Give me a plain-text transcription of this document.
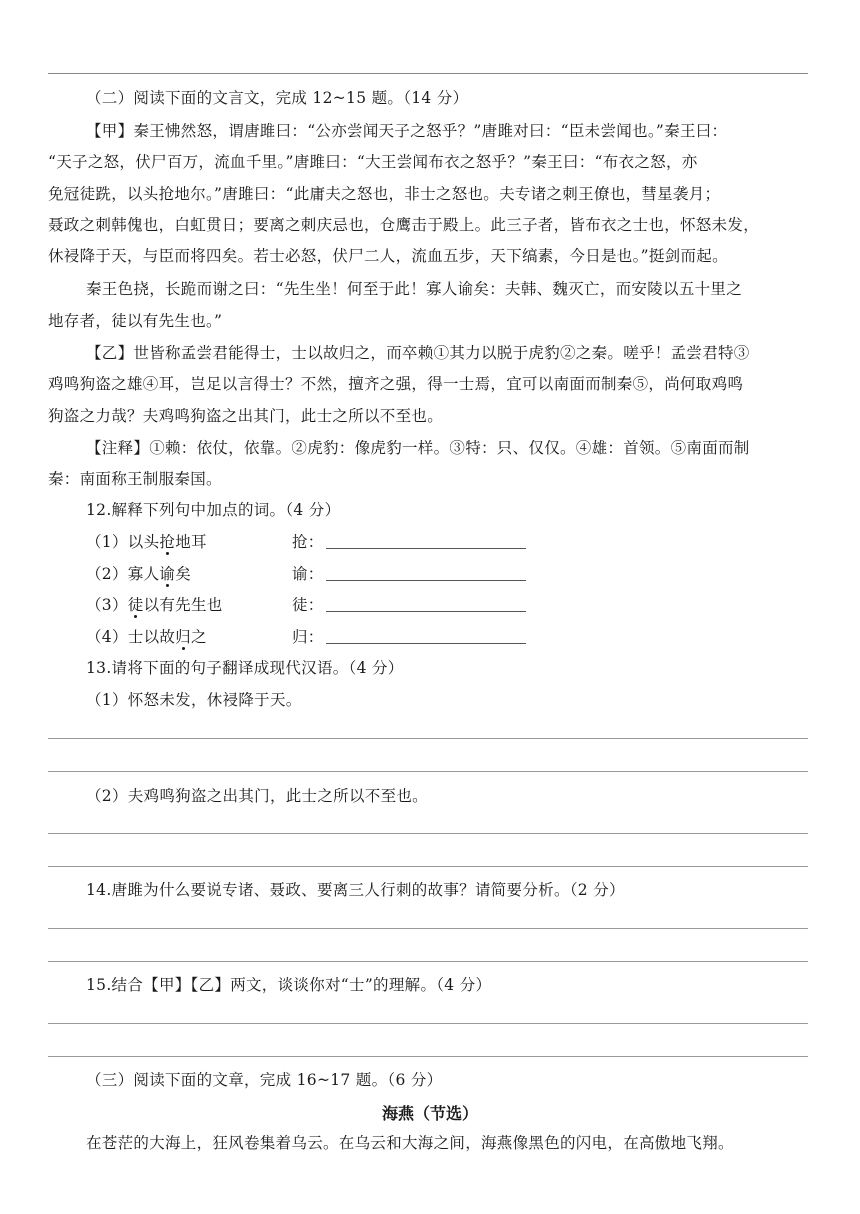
（二）阅读下面的文言文，完成 12~15 题。（14 分）
【甲】秦王怫然怒，谓唐雎曰：“公亦尝闻天子之怒乎？”唐雎对曰：“臣未尝闻也。”秦王曰：
“天子之怒，伏尸百万，流血千里。”唐雎曰：“大王尝闻布衣之怒乎？”秦王曰：“布衣之怒，亦
免冠徒跣，以头抢地尔。”唐雎曰：“此庸夫之怒也，非士之怒也。夫专诸之刺王僚也，彗星袭月；
聂政之刺韩傀也，白虹贯日；要离之刺庆忌也，仓鹰击于殿上。此三子者，皆布衣之士也，怀怒未发，
休祲降于天，与臣而将四矣。若士必怒，伏尸二人，流血五步，天下缟素，今日是也。”挺剑而起。
秦王色挠，长跪而谢之曰：“先生坐！何至于此！寡人谕矣：夫韩、魏灭亡，而安陵以五十里之
地存者，徒以有先生也。”
【乙】世皆称孟尝君能得士，士以故归之，而卒赖①其力以脱于虎豹②之秦。嗟乎！孟尝君特③
鸡鸣狗盗之雄④耳，岂足以言得士？不然，擅齐之强，得一士焉，宜可以南面而制秦⑤，尚何取鸡鸣
狗盗之力哉？夫鸡鸣狗盗之出其门，此士之所以不至也。
【注释】①赖：依仗，依靠。②虎豹：像虎豹一样。③特：只、仅仅。④雄：首领。⑤南面而制
秦：南面称王制服秦国。
12.解释下列句中加点的词。（4 分）
（1）以头抢地耳	抢：
（2）寡人谕矣	谕：
（3）徒以有先生也	徒：
（4）士以故归之	归：
13.请将下面的句子翻译成现代汉语。（4 分）
（1）怀怒未发，休祲降于天。
（2）夫鸡鸣狗盗之出其门，此士之所以不至也。
14.唐雎为什么要说专诸、聂政、要离三人行刺的故事？请简要分析。（2 分）
15.结合【甲】【乙】两文，谈谈你对“士”的理解。（4 分）
（三）阅读下面的文章，完成 16~17 题。（6 分）
海燕（节选）
在苍茫的大海上，狂风卷集着乌云。在乌云和大海之间，海燕像黑色的闪电，在高傲地飞翔。
